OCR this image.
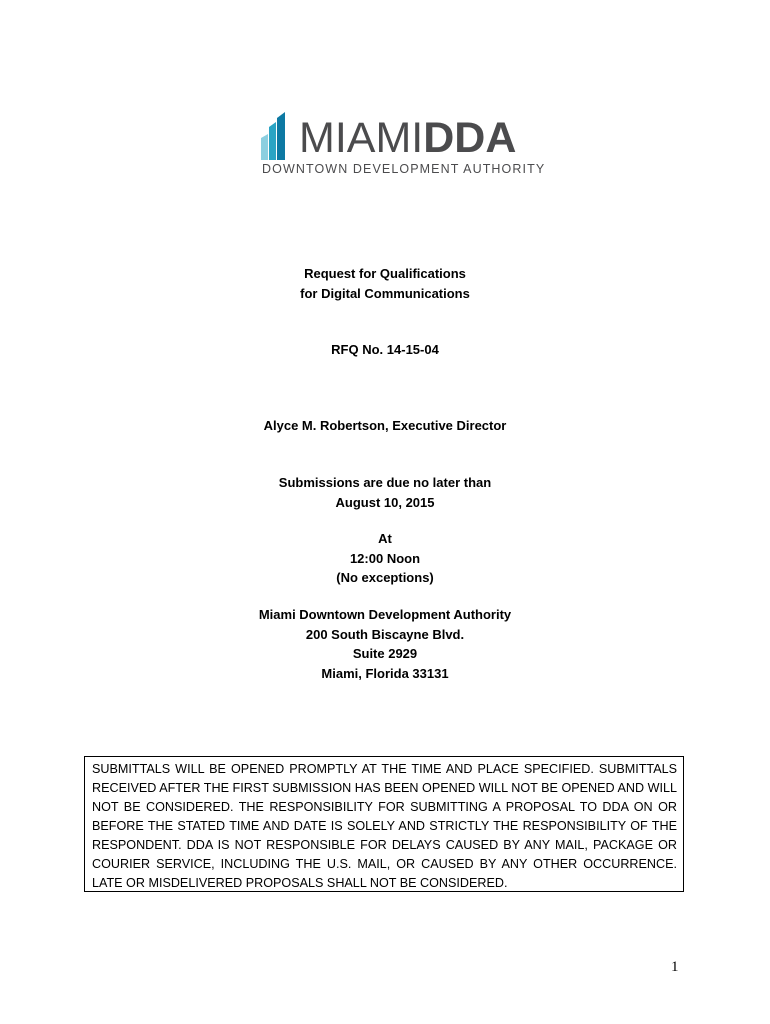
MIAMIDDA
DOWNTOWN DEVELOPMENT AUTHORITY
Request for Qualifications
for Digital Communications
RFQ No. 14-15-04
Alyce M. Robertson, Executive Director
Submissions are due no later than
August 10, 2015
At
12:00 Noon
(No exceptions)
Miami Downtown Development Authority
200 South Biscayne Blvd.
Suite 2929
Miami, Florida 33131
SUBMITTALS WILL BE OPENED PROMPTLY AT THE TIME AND PLACE SPECIFIED. SUBMITTALS RECEIVED AFTER THE FIRST SUBMISSION HAS BEEN OPENED WILL NOT BE OPENED AND WILL NOT BE CONSIDERED. THE RESPONSIBILITY FOR SUBMITTING A PROPOSAL TO DDA ON OR BEFORE THE STATED TIME AND DATE IS SOLELY AND STRICTLY THE RESPONSIBILITY OF THE RESPONDENT. DDA IS NOT RESPONSIBLE FOR DELAYS CAUSED BY ANY MAIL, PACKAGE OR COURIER SERVICE, INCLUDING THE U.S. MAIL, OR CAUSED BY ANY OTHER OCCURRENCE. LATE OR MISDELIVERED PROPOSALS SHALL NOT BE CONSIDERED.
1
